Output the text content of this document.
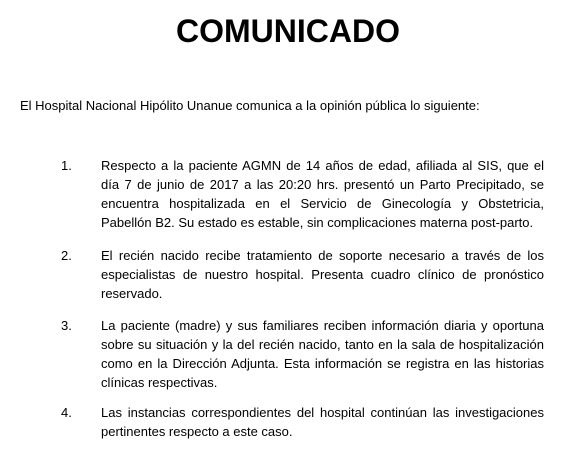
COMUNICADO

El Hospital Nacional Hipólito Unanue comunica a la opinión pública lo siguiente:

1. Respecto a la paciente AGMN de 14 años de edad, afiliada al SIS, que el día 7 de junio de 2017 a las 20:20 hrs. presentó un Parto Precipitado, se encuentra hospitalizada en el Servicio de Ginecología y Obstetricia, Pabellón B2. Su estado es estable, sin complicaciones materna post-parto.

2. El recién nacido recibe tratamiento de soporte necesario a través de los especialistas de nuestro hospital. Presenta cuadro clínico de pronóstico reservado.

3. La paciente (madre) y sus familiares reciben información diaria y oportuna sobre su situación y la del recién nacido, tanto en la sala de hospitalización como en la Dirección Adjunta. Esta información se registra en las historias clínicas respectivas.

4. Las instancias correspondientes del hospital continúan las investigaciones pertinentes respecto a este caso.
